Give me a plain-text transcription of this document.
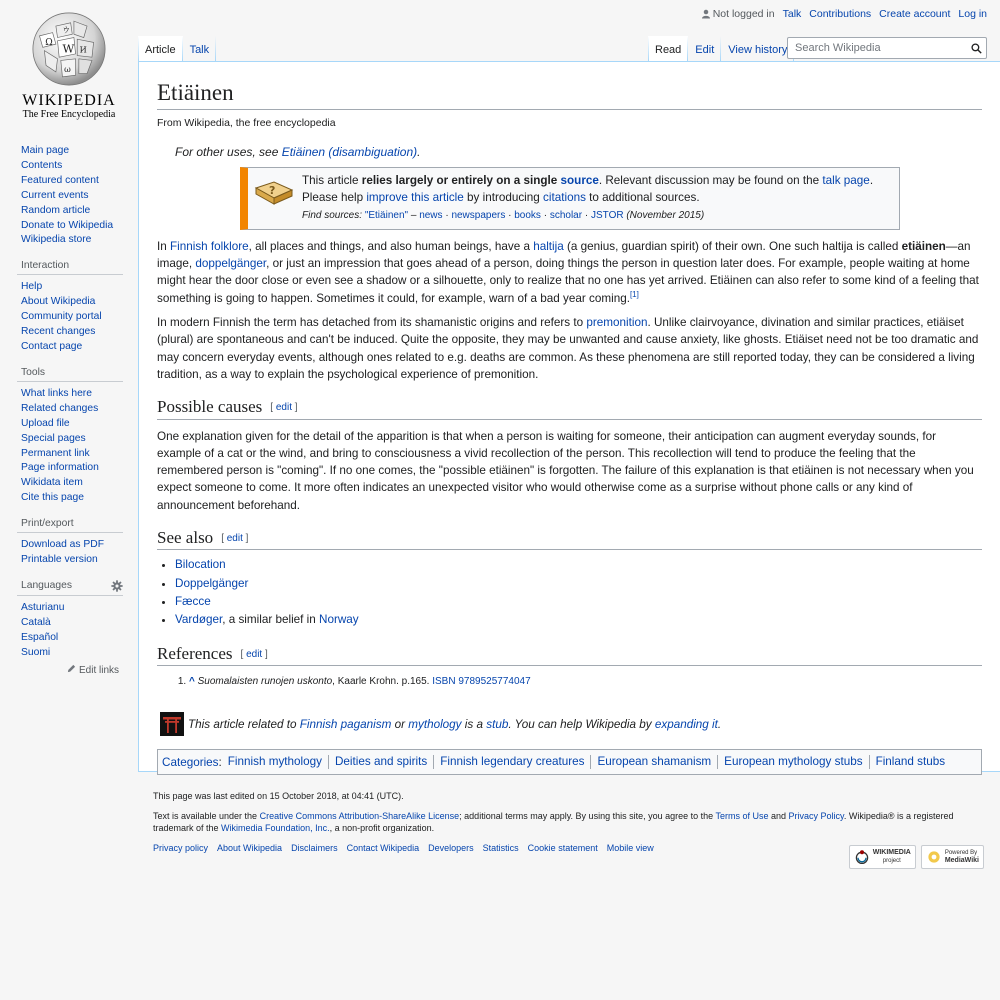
Ω W И
ウ
ω
WIKIPEDIA
The Free Encyclopedia
Not logged in Talk Contributions Create account Log in
Article	Talk	Read	Edit	View history
Search Wikipedia
Main page
Contents
Featured content
Current events
Random article
Donate to Wikipedia
Wikipedia store
Interaction
Help
About Wikipedia
Community portal
Recent changes
Contact page
Tools
What links here
Related changes
Upload file
Special pages
Permanent link
Page information
Wikidata item
Cite this page
Print/export
Download as PDF
Printable version
Languages
Asturianu
Català
Español
Suomi
Edit links
Etiäinen
From Wikipedia, the free encyclopedia
For other uses, see Etiäinen (disambiguation).
?
This article relies largely or entirely on a single source. Relevant discussion may be found on the talk page. Please help improve this article by introducing citations to additional sources.
Find sources: "Etiäinen" – news · newspapers · books · scholar · JSTOR (November 2015)

In Finnish folklore, all places and things, and also human beings, have a haltija (a genius, guardian spirit) of their own. One such haltija is called etiäinen—an image, doppelgänger, or just an impression that goes ahead of a person, doing things the person in question later does. For example, people waiting at home might hear the door close or even see a shadow or a silhouette, only to realize that no one has yet arrived. Etiäinen can also refer to some kind of a feeling that something is going to happen. Sometimes it could, for example, warn of a bad year coming.[1]

In modern Finnish the term has detached from its shamanistic origins and refers to premonition. Unlike clairvoyance, divination and similar practices, etiäiset (plural) are spontaneous and can't be induced. Quite the opposite, they may be unwanted and cause anxiety, like ghosts. Etiäiset need not be too dramatic and may concern everyday events, although ones related to e.g. deaths are common. As these phenomena are still reported today, they can be considered a living tradition, as a way to explain the psychological experience of premonition.

Possible causes [ edit ]

One explanation given for the detail of the apparition is that when a person is waiting for someone, their anticipation can augment everyday sounds, for example of a cat or the wind, and bring to consciousness a vivid recollection of the person. This recollection will tend to produce the feeling that the remembered person is "coming". If no one comes, the "possible etiäinen" is forgotten. The failure of this explanation is that etiäinen is not necessary when you expect someone to come. It more often indicates an unexpected visitor who would otherwise come as a surprise without phone calls or any kind of announcement beforehand.

See also [ edit ]
• Bilocation
• Doppelgänger
• Fæcce
• Vardøger, a similar belief in Norway
References [ edit ]
1. ^ Suomalaisten runojen uskonto, Kaarle Krohn. p.165. ISBN 9789525774047
This article related to
Finnish paganism
or
mythology
is a
stub . You can help Wikipedia by
expanding it .
Categories : Finnish mythology	Deities and spirits	Finnish legendary creatures	European shamanism	European mythology stubs	Finland stubs

This page was last edited on 15 October 2018, at 04:41 (UTC).

Text is available under the Creative Commons Attribution-ShareAlike License; additional terms may apply. By using this site, you agree to the Terms of Use and Privacy Policy. Wikipedia® is a registered trademark of the Wikimedia Foundation, Inc., a non-profit organization.

Privacy policy About Wikipedia Disclaimers Contact Wikipedia Developers Statistics Cookie statement Mobile view	WIKIMEDIA
project
Powered By
MediaWiki
